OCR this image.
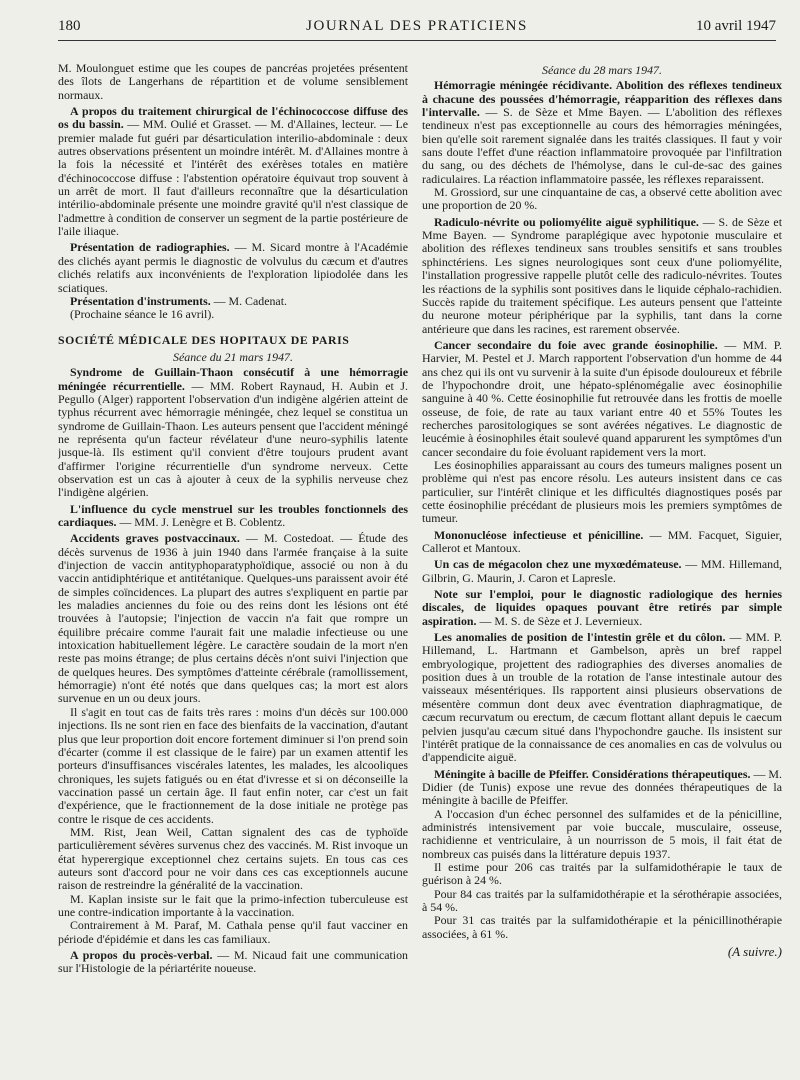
180	JOURNAL DES PRATICIENS	10 avril 1947

M. Moulonguet estime que les coupes de pancréas projetées présentent des îlots de Langerhans de répartition et de volume sensiblement normaux.

A propos du traitement chirurgical de l'échinococcose diffuse des os du bassin. — MM. Oulié et Grasset. — M. d'Allaines, lecteur. — Le premier malade fut guéri par désarticulation interilio-abdominale : deux autres observations présentent un moindre intérêt. M. d'Allaines montre à la fois la nécessité et l'intérêt des exérèses totales en matière d'échinococcose diffuse : l'abstention opératoire équivaut trop souvent à un arrêt de mort. Il faut d'ailleurs reconnaître que la désarticulation intérilio-abdominale présente une moindre gravité qu'il n'est classique de l'admettre à condition de conserver un segment de la partie postérieure de l'aile iliaque.

Présentation de radiographies. — M. Sicard montre à l'Académie des clichés ayant permis le diagnostic de volvulus du cæcum et d'autres clichés relatifs aux inconvénients de l'exploration lipiodolée dans les sciatiques.

Présentation d'instruments. — M. Cadenat.

(Prochaine séance le 16 avril).

SOCIÉTÉ MÉDICALE DES HOPITAUX DE PARIS

Séance du 21 mars 1947.

Syndrome de Guillain-Thaon consécutif à une hémorragie méningée récurrentielle. — MM. Robert Raynaud, H. Aubin et J. Pegullo (Alger) rapportent l'observation d'un indigène algérien atteint de typhus récurrent avec hémorragie méningée, chez lequel se constitua un syndrome de Guillain-Thaon. Les auteurs pensent que l'accident méningé ne représenta qu'un facteur révélateur d'une neuro-syphilis latente jusque-là. Ils estiment qu'il convient d'être toujours prudent avant d'affirmer l'origine récurrentielle d'un syndrome nerveux. Cette observation est un cas à ajouter à ceux de la syphilis nerveuse chez l'indigène algérien.

L'influence du cycle menstruel sur les troubles fonctionnels des cardiaques. — MM. J. Lenègre et B. Coblentz.

Accidents graves postvaccinaux. — M. Costedoat. — Étude des décès survenus de 1936 à juin 1940 dans l'armée française à la suite d'injection de vaccin antityphoparatyphoïdique, associé ou non à du vaccin antidiphtérique et antitétanique. Quelques-uns paraissent avoir été de simples coïncidences. La plupart des autres s'expliquent en partie par les maladies anciennes du foie ou des reins dont les lésions ont été trouvées à l'autopsie; l'injection de vaccin n'a fait que rompre un équilibre précaire comme l'aurait fait une maladie infectieuse ou une intoxication habituellement légère. Le caractère soudain de la mort n'en reste pas moins étrange; de plus certains décès n'ont suivi l'injection que de quelques heures. Des symptômes d'atteinte cérébrale (ramollissement, hémorragie) n'ont été notés que dans quelques cas; la mort est alors survenue en un ou deux jours.

Il s'agit en tout cas de faits très rares : moins d'un décès sur 100.000 injections. Ils ne sont rien en face des bienfaits de la vaccination, d'autant plus que leur proportion doit encore fortement diminuer si l'on prend soin d'écarter (comme il est classique de le faire) par un examen attentif les porteurs d'insuffisances viscérales latentes, les malades, les alcooliques chroniques, les sujets fatigués ou en état d'ivresse et si on déconseille la vaccination passé un certain âge. Il faut enfin noter, car c'est un fait d'expérience, que le fractionnement de la dose initiale ne protège pas contre le risque de ces accidents.

MM. Rist, Jean Weil, Cattan signalent des cas de typhoïde particulièrement sévères survenus chez des vaccinés. M. Rist invoque un état hyperergique exceptionnel chez certains sujets. En tous cas ces auteurs sont d'accord pour ne voir dans ces cas exceptionnels aucune raison de restreindre la généralité de la vaccination.

M. Kaplan insiste sur le fait que la primo-infection tuberculeuse est une contre-indication importante à la vaccination.

Contrairement à M. Paraf, M. Cathala pense qu'il faut vacciner en période d'épidémie et dans les cas familiaux.

A propos du procès-verbal. — M. Nicaud fait une communication sur l'Histologie de la périartérite noueuse.

Séance du 28 mars 1947.

Hémorragie méningée récidivante. Abolition des réflexes tendineux à chacune des poussées d'hémorragie, réapparition des réflexes dans l'intervalle. — S. de Sèze et Mme Bayen. — L'abolition des réflexes tendineux n'est pas exceptionnelle au cours des hémorragies méningées, bien qu'elle soit rarement signalée dans les traités classiques. Il faut y voir sans doute l'effet d'une réaction inflammatoire provoquée par l'infiltration du sang, ou des déchets de l'hémolyse, dans le cul-de-sac des gaines radiculaires. La réaction inflammatoire passée, les réflexes reparaissent.

M. Grossiord, sur une cinquantaine de cas, a observé cette abolition avec une proportion de 20 %.

Radiculo-névrite ou poliomyélite aiguë syphilitique. — S. de Sèze et Mme Bayen. — Syndrome paraplégique avec hypotonie musculaire et abolition des réflexes tendineux sans troubles sensitifs et sans troubles sphinctériens. Les signes neurologiques sont ceux d'une poliomyélite, l'installation progressive rappelle plutôt celle des radiculo-névrites. Toutes les réactions de la syphilis sont positives dans le liquide céphalo-rachidien. Succès rapide du traitement spécifique. Les auteurs pensent que l'atteinte du neurone moteur périphérique par la syphilis, tant dans la corne antérieure que dans les racines, est rarement observée.

Cancer secondaire du foie avec grande éosinophilie. — MM. P. Harvier, M. Pestel et J. March rapportent l'observation d'un homme de 44 ans chez qui ils ont vu survenir à la suite d'un épisode douloureux et fébrile de l'hypochondre droit, une hépato-splénomégalie avec éosinophilie sanguine à 40 %. Cette éosinophilie fut retrouvée dans les frottis de moelle osseuse, de foie, de rate au taux variant entre 40 et 55% Toutes les recherches parositologiques se sont avérées négatives. Le diagnostic de leucémie à éosinophiles était soulevé quand apparurent les symptômes d'un cancer secondaire du foie évoluant rapidement vers la mort.

Les éosinophilies apparaissant au cours des tumeurs malignes posent un problème qui n'est pas encore résolu. Les auteurs insistent dans ce cas particulier, sur l'intérêt clinique et les difficultés diagnostiques posés par cette éosinophilie précédant de plusieurs mois les premiers symptômes de tumeur.

Mononucléose infectieuse et pénicilline. — MM. Facquet, Siguier, Callerot et Mantoux.

Un cas de mégacolon chez une myxœdémateuse. — MM. Hillemand, Gilbrin, G. Maurin, J. Caron et Lapresle.

Note sur l'emploi, pour le diagnostic radiologique des hernies discales, de liquides opaques pouvant être retirés par simple aspiration. — M. S. de Sèze et J. Levernieux.

Les anomalies de position de l'intestin grêle et du côlon. — MM. P. Hillemand, L. Hartmann et Gambelson, après un bref rappel embryologique, projettent des radiographies des diverses anomalies de position dues à un trouble de la rotation de l'anse intestinale autour des vaisseaux mésentériques. Ils rapportent ainsi plusieurs observations de mésentère commun dont deux avec éventration diaphragmatique, de cæcum recurvatum ou erectum, de cæcum flottant allant depuis le caecum pelvien jusqu'au cæcum situé dans l'hypochondre gauche. Ils insistent sur l'intérêt pratique de la connaissance de ces anomalies en cas de volvulus ou d'appendicite aiguë.

Méningite à bacille de Pfeiffer. Considérations thérapeutiques. — M. Didier (de Tunis) expose une revue des données thérapeutiques de la méningite à bacille de Pfeiffer.

A l'occasion d'un échec personnel des sulfamides et de la pénicilline, administrés intensivement par voie buccale, musculaire, osseuse, rachidienne et ventriculaire, à un nourrisson de 5 mois, il fait état de nombreux cas puisés dans la littérature depuis 1937.

Il estime pour 206 cas traités par la sulfamidothérapie le taux de guérison à 24 %.

Pour 84 cas traités par la sulfamidothérapie et la sérothérapie associées, à 54 %.

Pour 31 cas traités par la sulfamidothérapie et la pénicillinothérapie associées, à 61 %.

(A suivre.)
